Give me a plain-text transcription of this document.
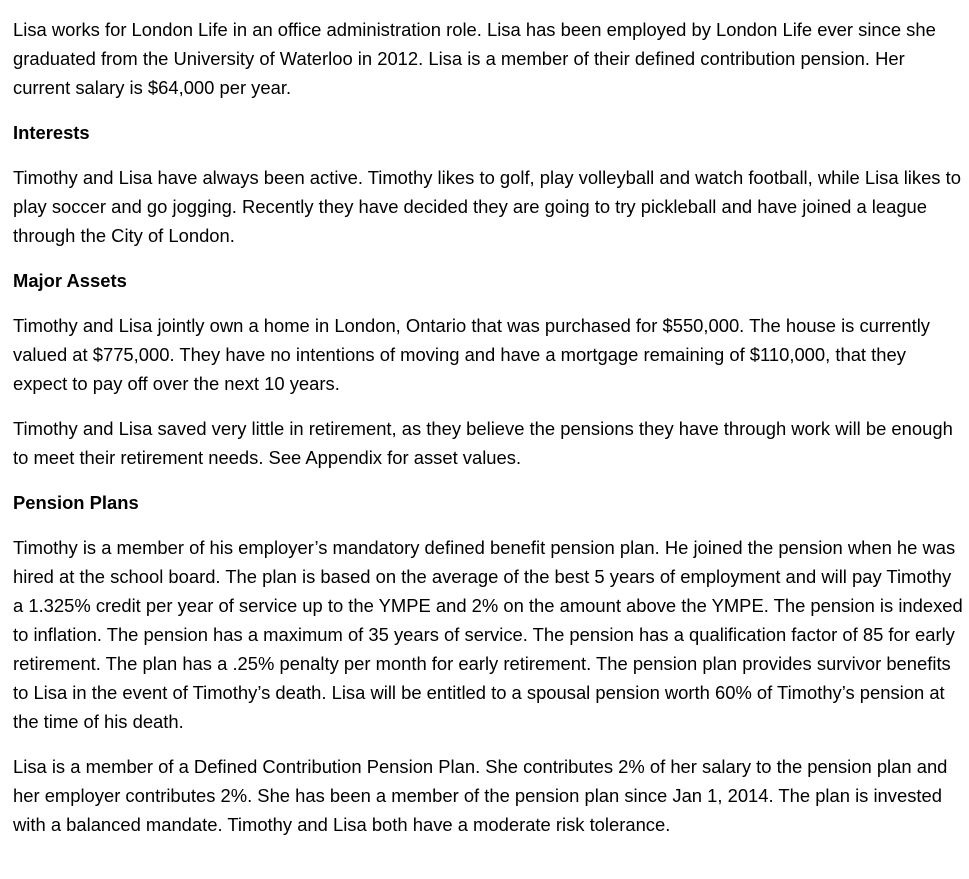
Lisa works for London Life in an office administration role. Lisa has been employed by London Life ever since she graduated from the University of Waterloo in 2012. Lisa is a member of their defined contribution pension. Her current salary is $64,000 per year.

Interests

Timothy and Lisa have always been active. Timothy likes to golf, play volleyball and watch football, while Lisa likes to play soccer and go jogging. Recently they have decided they are going to try pickleball and have joined a league through the City of London.

Major Assets

Timothy and Lisa jointly own a home in London, Ontario that was purchased for $550,000. The house is currently valued at $775,000. They have no intentions of moving and have a mortgage remaining of $110,000, that they expect to pay off over the next 10 years.

Timothy and Lisa saved very little in retirement, as they believe the pensions they have through work will be enough to meet their retirement needs. See Appendix for asset values.

Pension Plans

Timothy is a member of his employer’s mandatory defined benefit pension plan. He joined the pension when he was hired at the school board. The plan is based on the average of the best 5 years of employment and will pay Timothy a 1.325% credit per year of service up to the YMPE and 2% on the amount above the YMPE. The pension is indexed to inflation. The pension has a maximum of 35 years of service. The pension has a qualification factor of 85 for early retirement. The plan has a .25% penalty per month for early retirement. The pension plan provides survivor benefits to Lisa in the event of Timothy’s death. Lisa will be entitled to a spousal pension worth 60% of Timothy’s pension at the time of his death.

Lisa is a member of a Defined Contribution Pension Plan. She contributes 2% of her salary to the pension plan and her employer contributes 2%. She has been a member of the pension plan since Jan 1, 2014. The plan is invested with a balanced mandate. Timothy and Lisa both have a moderate risk tolerance.
